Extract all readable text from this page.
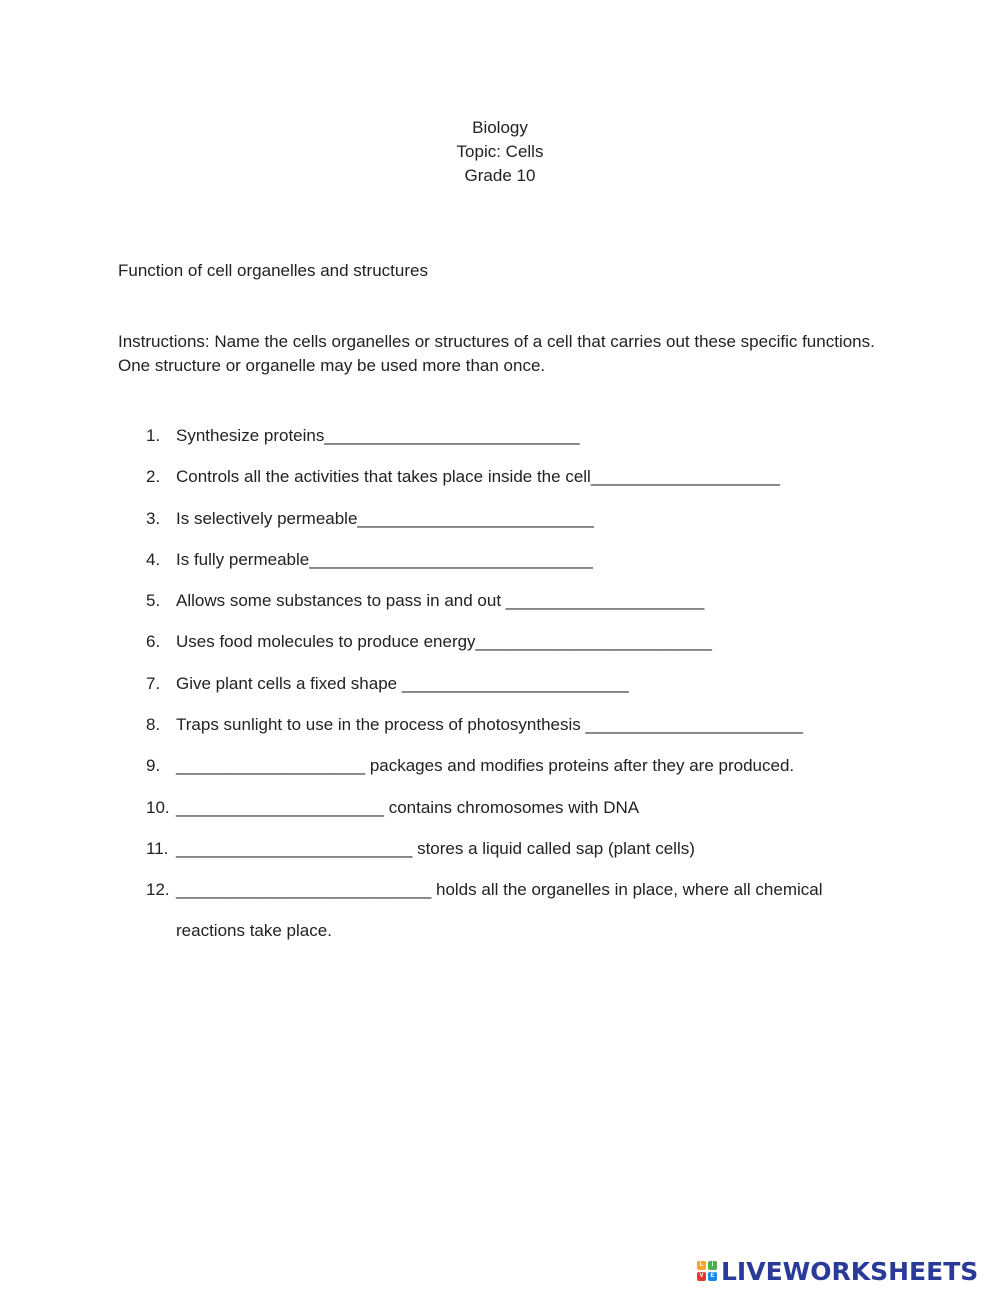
Biology
Topic: Cells
Grade 10
Function of cell organelles and structures
Instructions: Name the cells organelles or structures of a cell that carries out these specific functions. One structure or organelle may be used more than once.
1. Synthesize proteins___________________________
2. Controls all the activities that takes place inside the cell____________________
3. Is selectively permeable_________________________
4. Is fully permeable______________________________
5. Allows some substances to pass in and out _____________________
6. Uses food molecules to produce energy_________________________
7. Give plant cells a fixed shape ________________________
8. Traps sunlight to use in the process of photosynthesis _______________________
9. ____________________ packages and modifies proteins after they are produced.
10. ______________________ contains chromosomes with DNA
11. _________________________ stores a liquid called sap (plant cells)
12. ___________________________ holds all the organelles in place, where all chemical
reactions take place.
L	I
V	E LIVEWORKSHEETS
